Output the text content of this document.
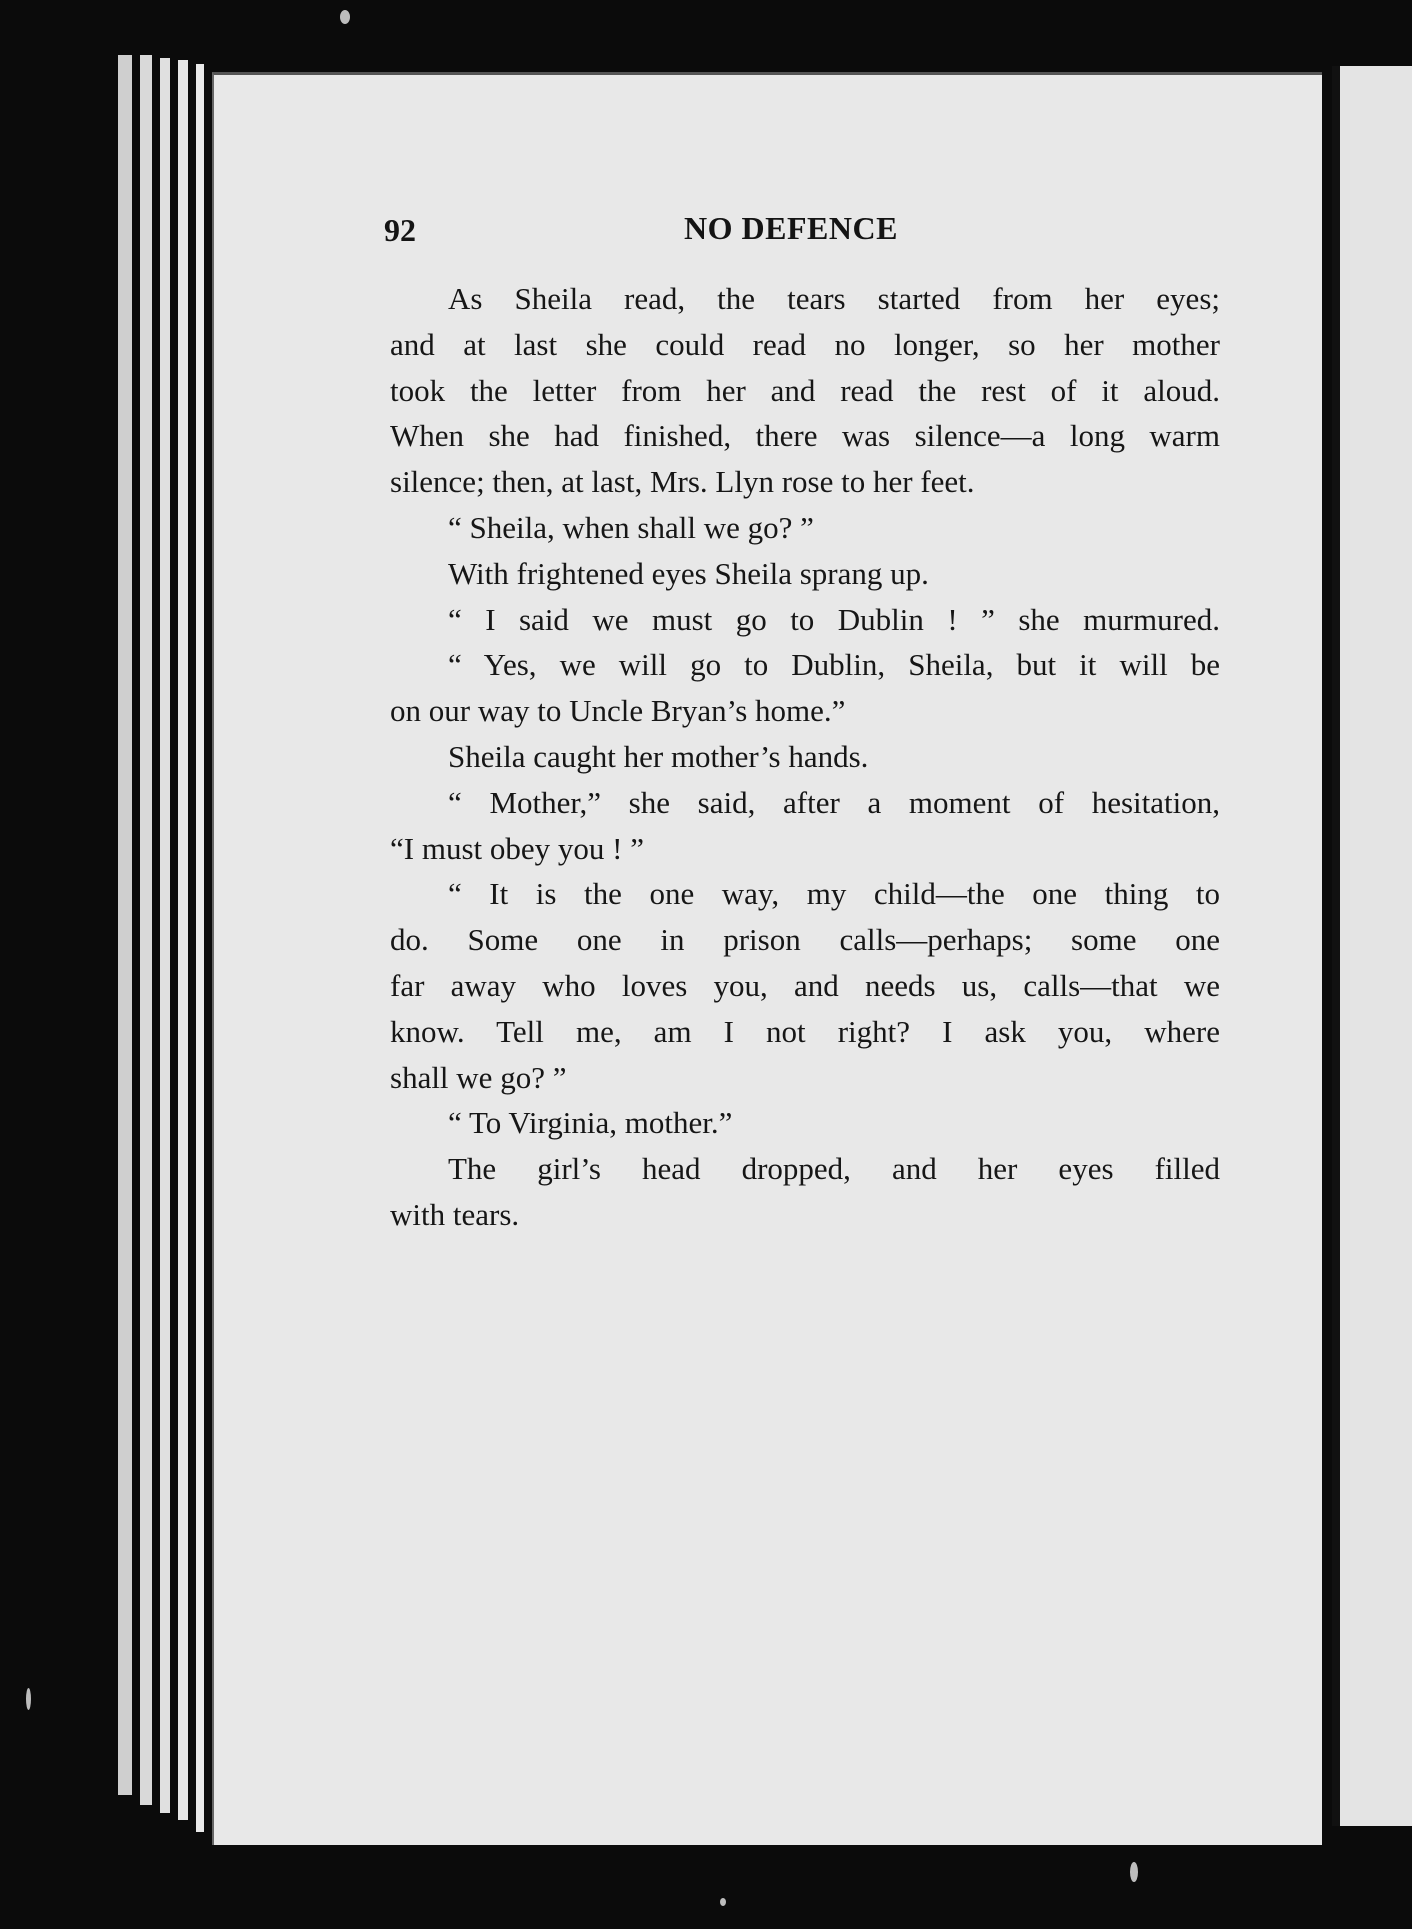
92	NO DEFENCE
As Sheila read, the tears started from her eyes;
and at last she could read no longer, so her mother
took the letter from her and read the rest of it aloud.
When she had finished, there was silence—a long warm
silence; then, at last, Mrs. Llyn rose to her feet.
“ Sheila, when shall we go? ”
With frightened eyes Sheila sprang up.
“ I said we must go to Dublin ! ” she murmured.
“ Yes, we will go to Dublin, Sheila, but it will be
on our way to Uncle Bryan’s home.”
Sheila caught her mother’s hands.
“ Mother,” she said, after a moment of hesitation,
“I must obey you ! ”
“ It is the one way, my child—the one thing to
do. Some one in prison calls—perhaps; some one
far away who loves you, and needs us, calls—that we
know. Tell me, am I not right? I ask you, where
shall we go? ”
“ To Virginia, mother.”
The girl’s head dropped, and her eyes filled
with tears.
